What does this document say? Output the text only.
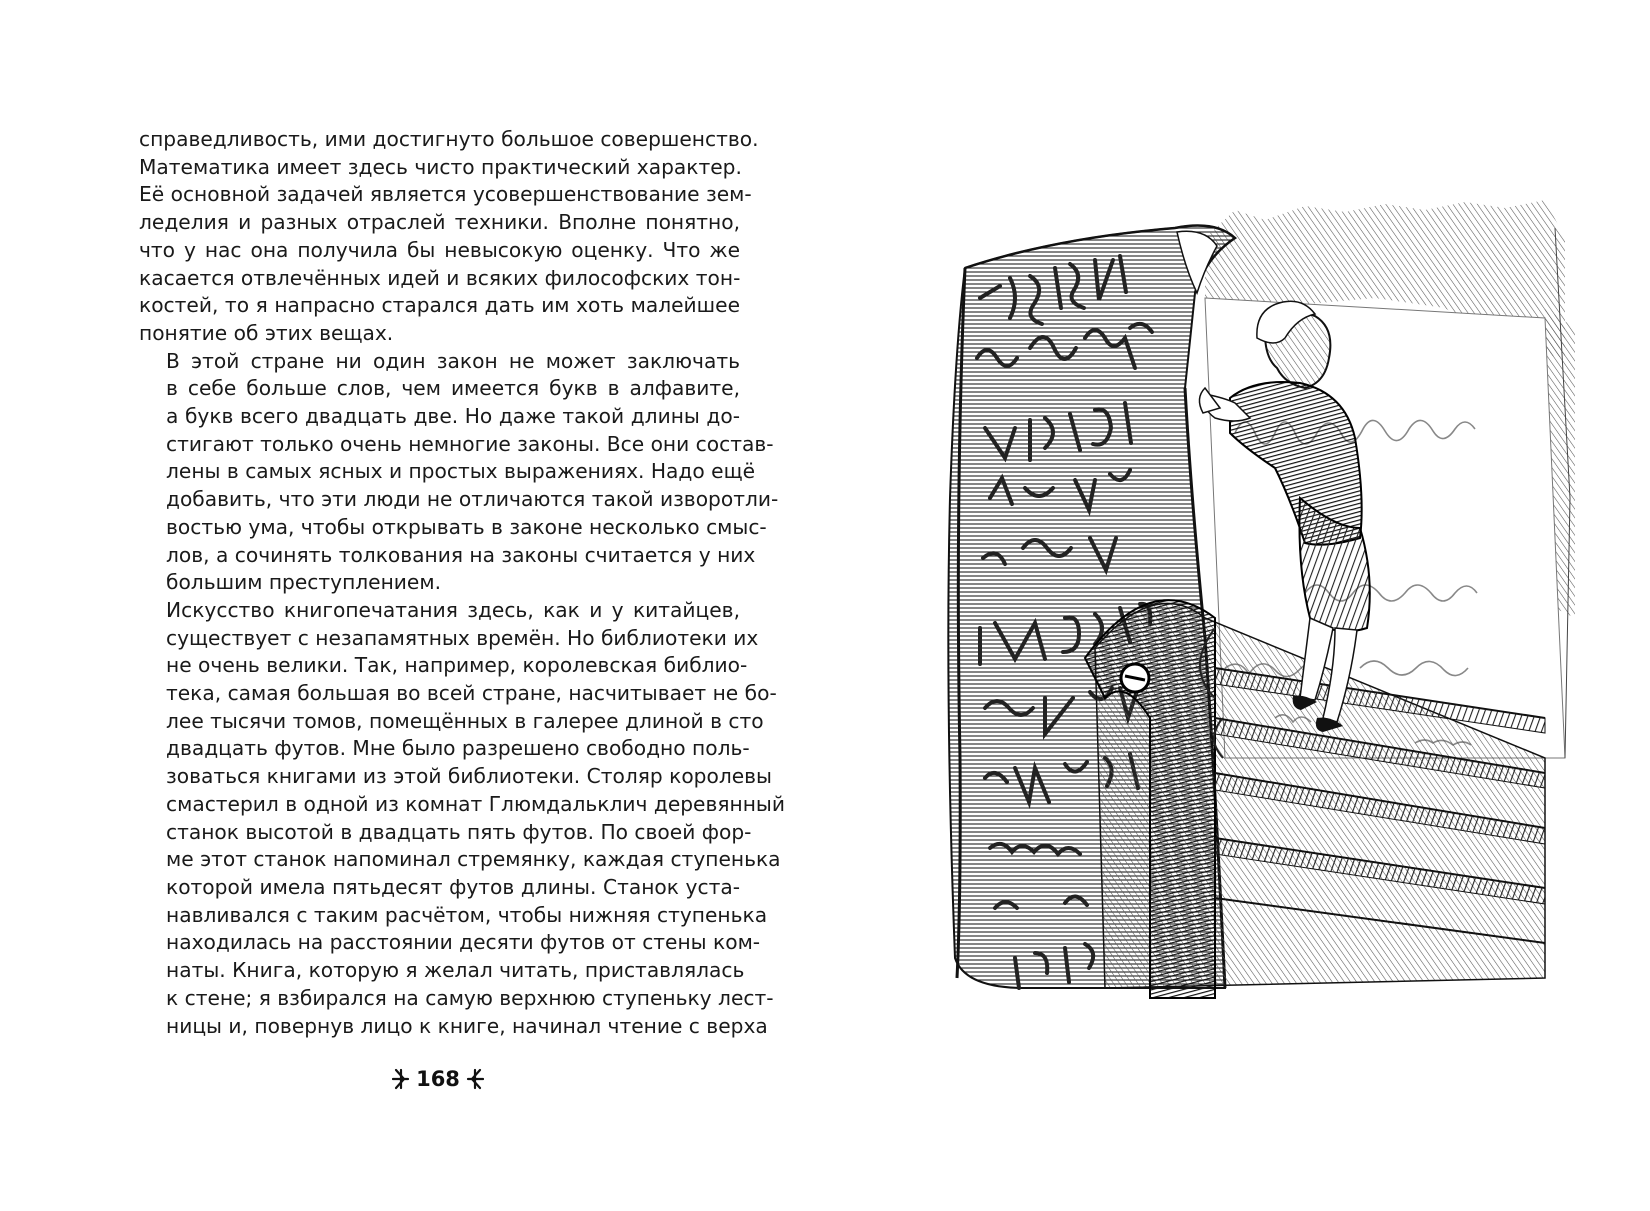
справедливость, ими достигнуто большое совершенство.
Математика имеет здесь чисто практический характер.
Её основной задачей является усовершенствование зем-
леделия и разных отраслей техники. Вполне понятно,
что у нас она получила бы невысокую оценку. Что же
касается отвлечённых идей и всяких философских тон-
костей, то я напрасно старался дать им хоть малейшее
понятие об этих вещах.

В этой стране ни один закон не может заключать
в себе больше слов, чем имеется букв в алфавите,
а букв всего двадцать две. Но даже такой длины до-
стигают только очень немногие законы. Все они состав-
лены в самых ясных и простых выражениях. Надо ещё
добавить, что эти люди не отличаются такой изворотли-
востью ума, чтобы открывать в законе несколько смыс-
лов, а сочинять толкования на законы считается у них
большим преступлением.

Искусство книгопечатания здесь, как и у китайцев,
существует с незапамятных времён. Но библиотеки их
не очень велики. Так, например, королевская библио-
тека, самая большая во всей стране, насчитывает не бо-
лее тысячи томов, помещённых в галерее длиной в сто
двадцать футов. Мне было разрешено свободно поль-
зоваться книгами из этой библиотеки. Столяр королевы
смастерил в одной из комнат Глюмдальклич деревянный
станок высотой в двадцать пять футов. По своей фор-
ме этот станок напоминал стремянку, каждая ступенька
которой имела пятьдесят футов длины. Станок уста-
навливался с таким расчётом, чтобы нижняя ступенька
находилась на расстоянии десяти футов от стены ком-
наты. Книга, которую я желал читать, приставлялась
к стене; я взбирался на самую верхнюю ступеньку лест-
ницы и, повернув лицо к книге, начинал чтение с верха

168
